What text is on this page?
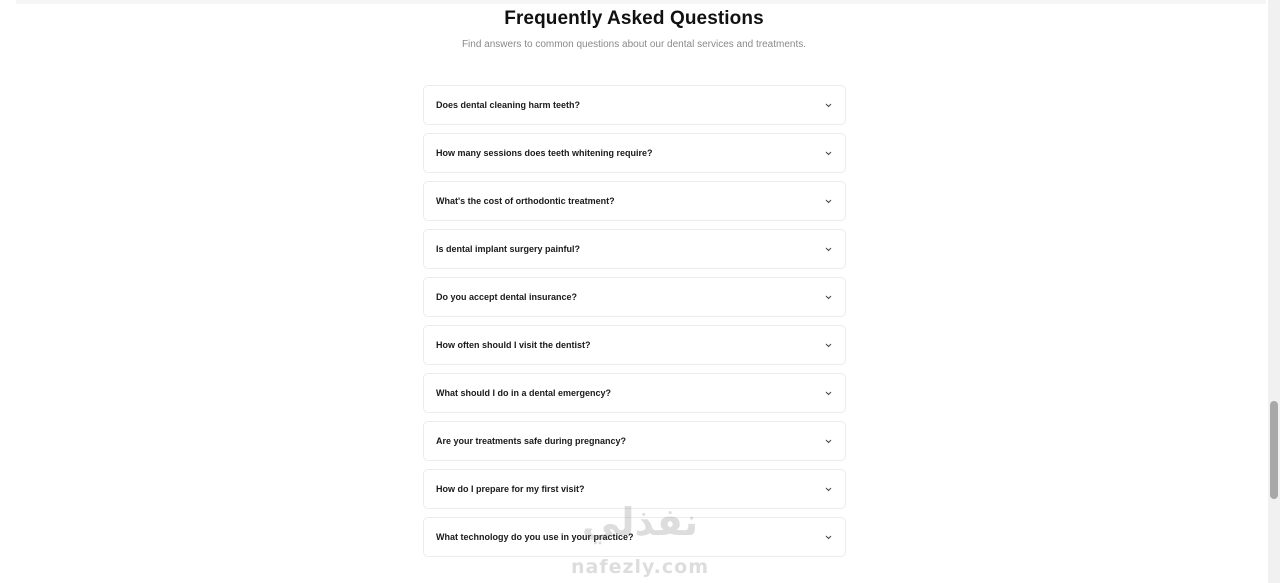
Frequently Asked Questions
Find answers to common questions about our dental services and treatments.
Does dental cleaning harm teeth?
How many sessions does teeth whitening require?
What's the cost of orthodontic treatment?
Is dental implant surgery painful?
Do you accept dental insurance?
How often should I visit the dentist?
What should I do in a dental emergency?
Are your treatments safe during pregnancy?
How do I prepare for my first visit?
What technology do you use in your practice?
نفذلي
nafezly.com
